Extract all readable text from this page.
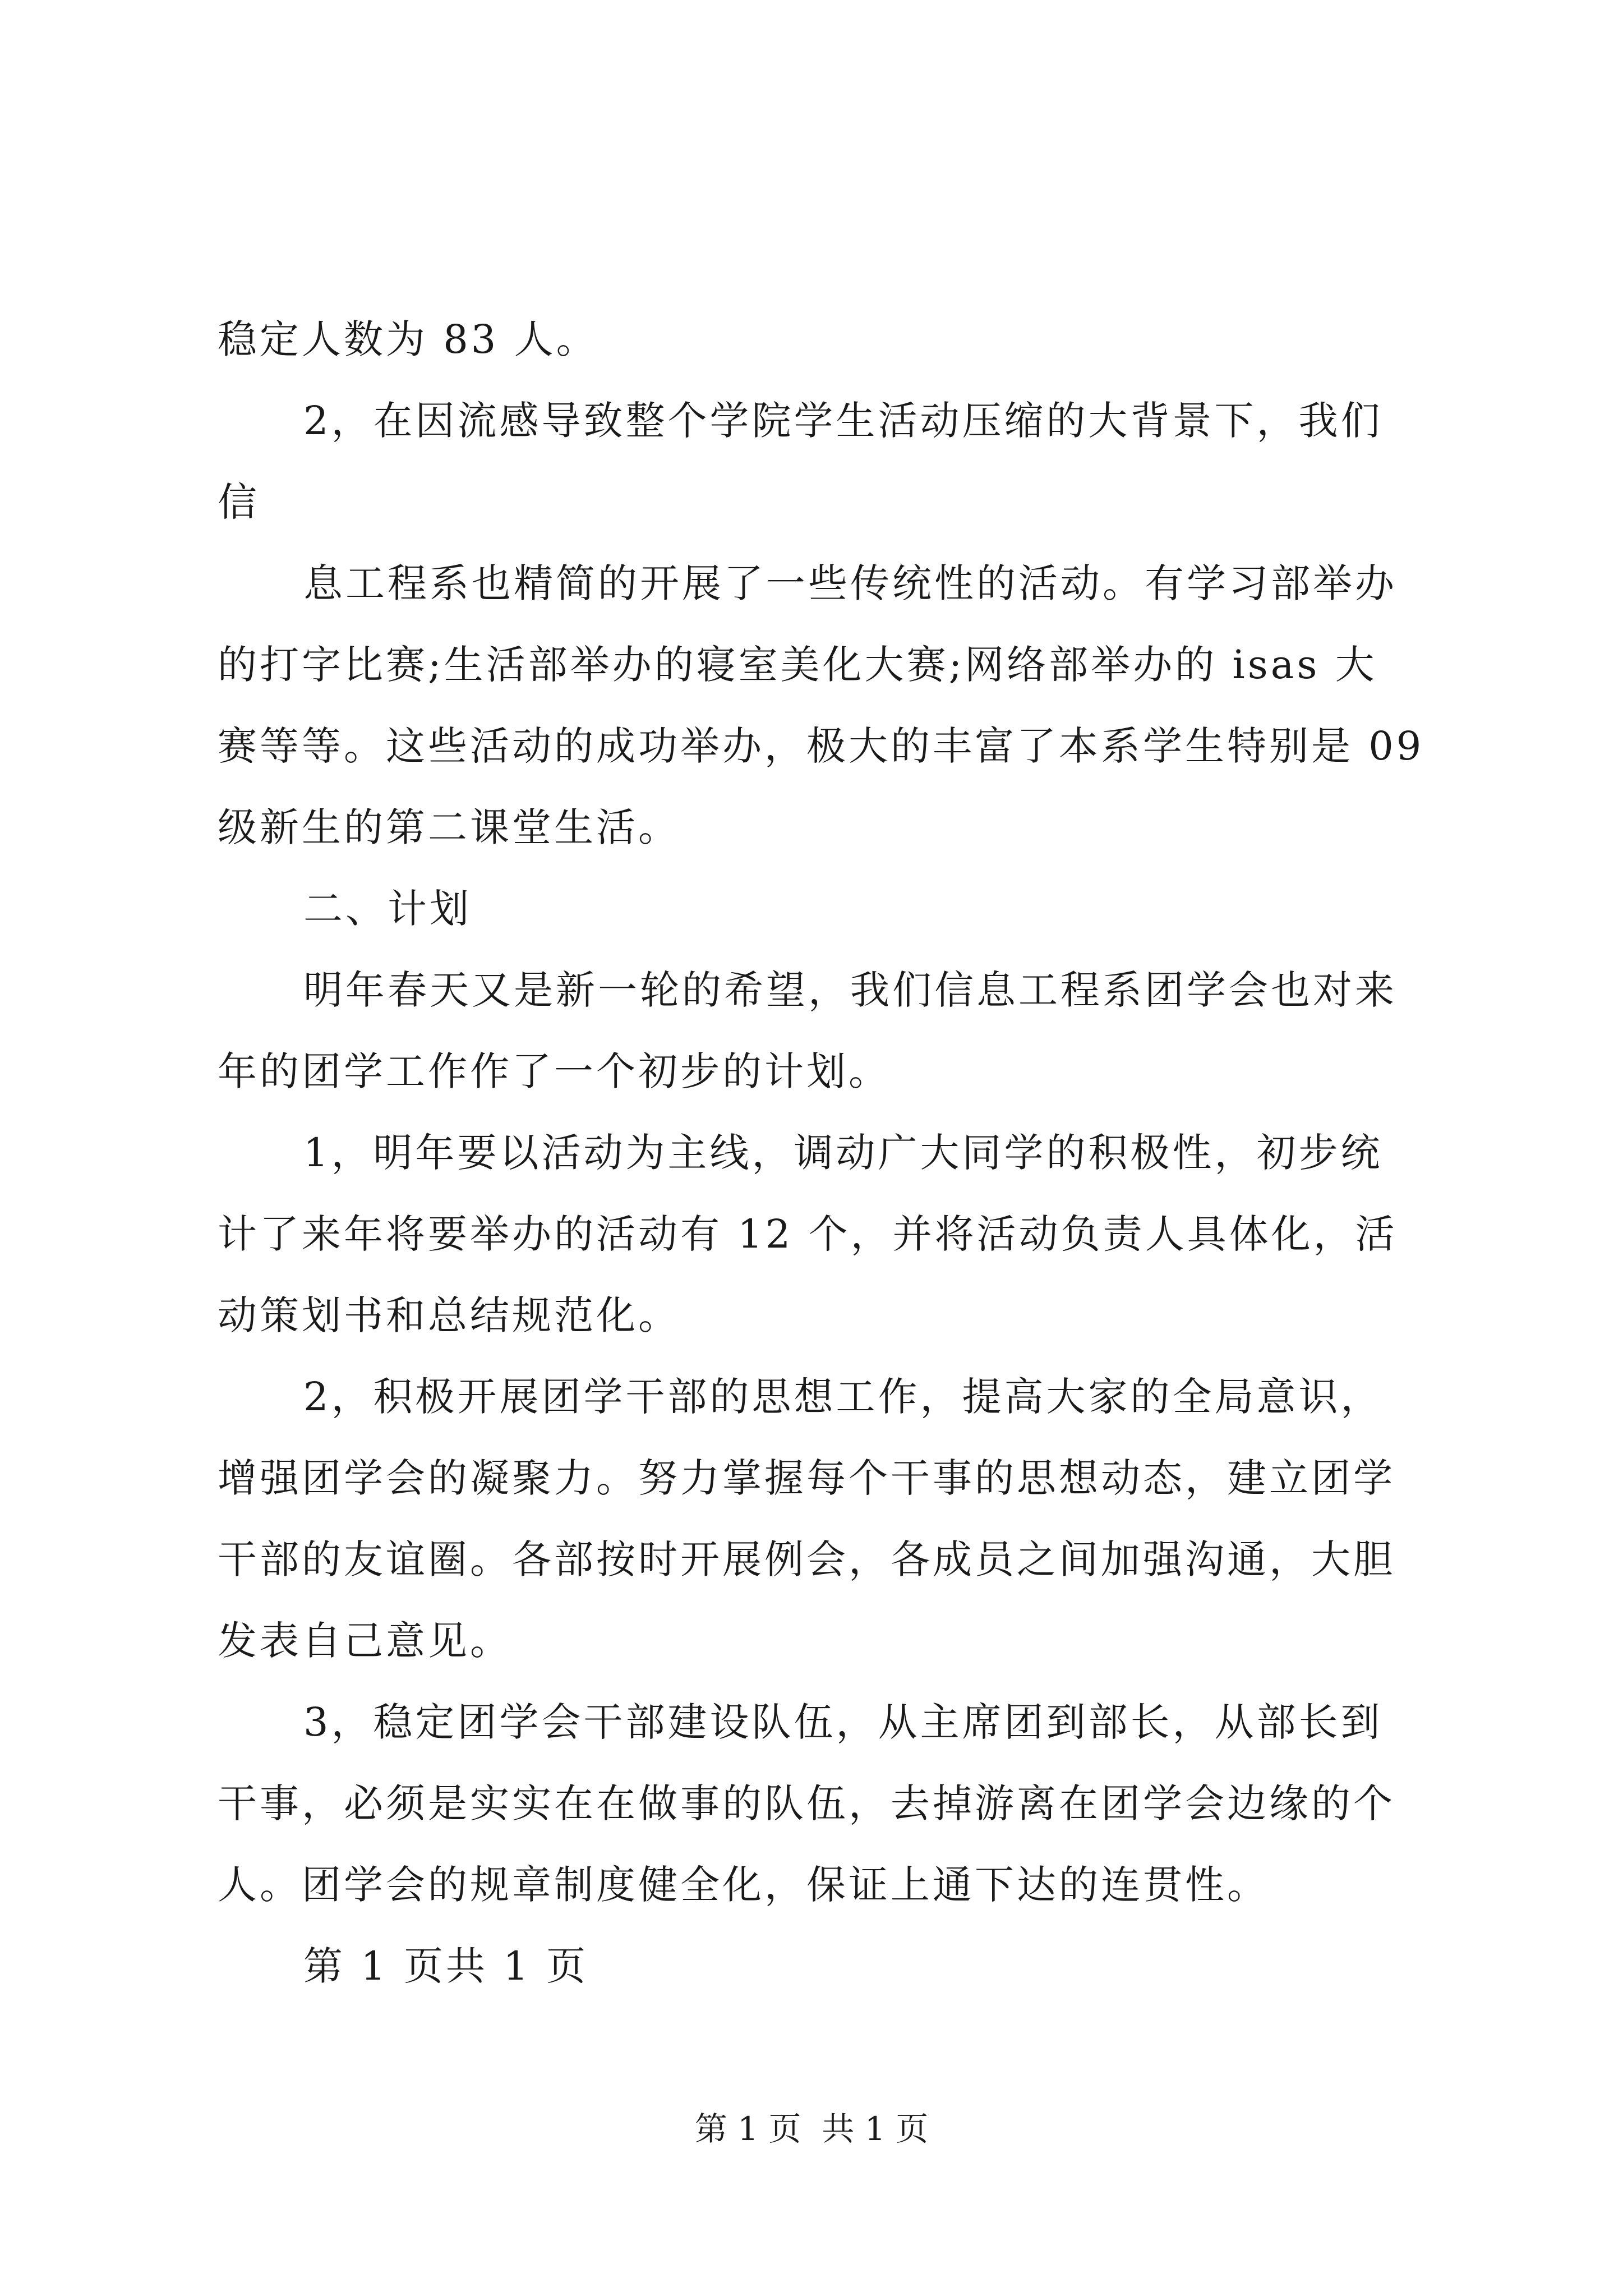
稳定人数为 83 人。
2，在因流感导致整个学院学生活动压缩的大背景下，我们
信
息工程系也精简的开展了一些传统性的活动。有学习部举办
的打字比赛;生活部举办的寝室美化大赛;网络部举办的 isas 大
赛等等。这些活动的成功举办，极大的丰富了本系学生特别是 09
级新生的第二课堂生活。
二、计划
明年春天又是新一轮的希望，我们信息工程系团学会也对来
年的团学工作作了一个初步的计划。
1，明年要以活动为主线，调动广大同学的积极性，初步统
计了来年将要举办的活动有 12 个，并将活动负责人具体化，活
动策划书和总结规范化。
2，积极开展团学干部的思想工作，提高大家的全局意识，
增强团学会的凝聚力。努力掌握每个干事的思想动态，建立团学
干部的友谊圈。各部按时开展例会，各成员之间加强沟通，大胆
发表自己意见。
3，稳定团学会干部建设队伍，从主席团到部长，从部长到
干事，必须是实实在在做事的队伍，去掉游离在团学会边缘的个
人。团学会的规章制度健全化，保证上通下达的连贯性。
第 1 页共 1 页
第 1 页  共 1 页
